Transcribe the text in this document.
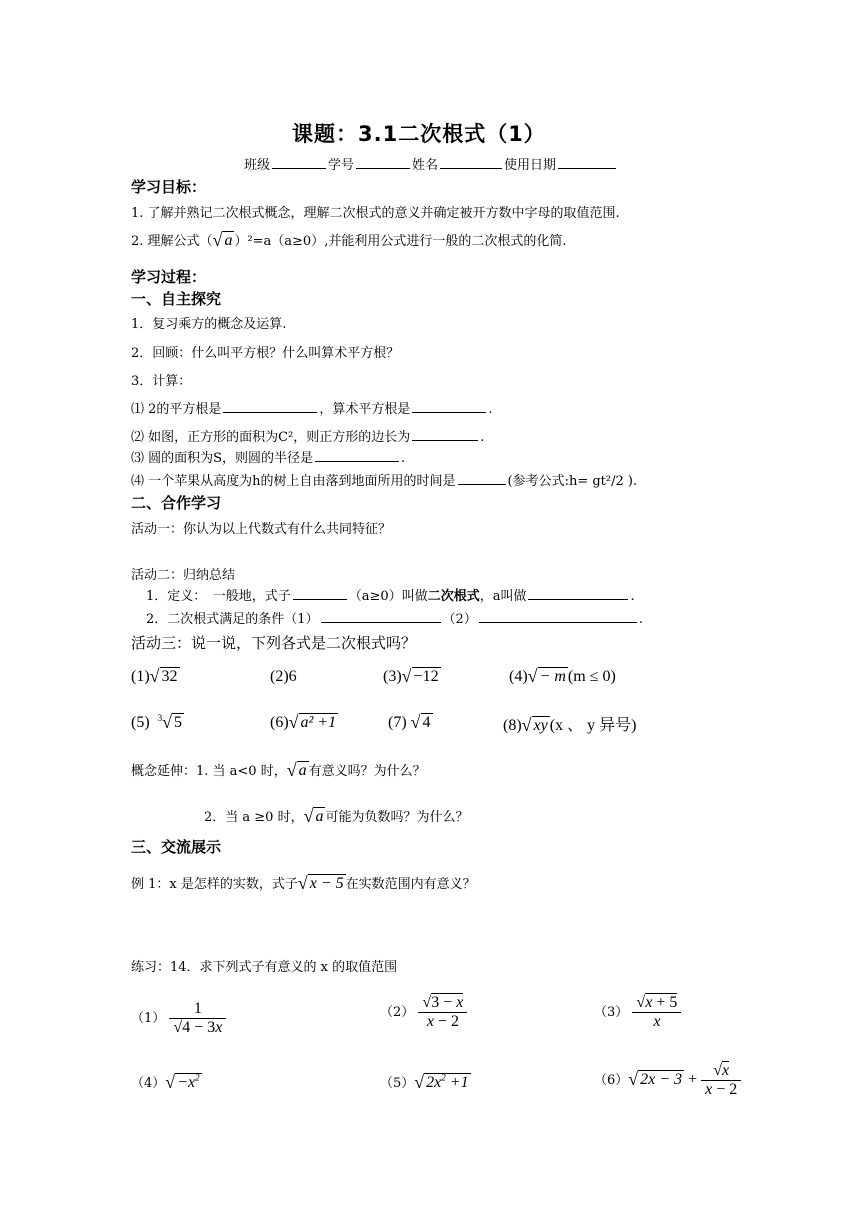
课题：3.1二次根式（1）
班级	学号	姓名	使用日期
学习目标：
1. 了解并熟记二次根式概念，理解二次根式的意义并确定被开方数中字母的取值范围.
2. 理解公式（√ a ）²=a（a≥0）,并能利用公式进行一般的二次根式的化简.
学习过程：
一、自主探究
1．复习乘方的概念及运算.
2．回顾：什么叫平方根？什么叫算术平方根？
3．计算：
⑴ 2的平方根是	，算术平方根是	.
⑵ 如图，正方形的面积为C²，则正方形的边长为	.
⑶ 圆的面积为S，则圆的半径是	.
⑷ 一个苹果从高度为h的树上自由落到地面所用的时间是	(参考公式:h= gt²/2 ).
二、合作学习
活动一：你认为以上代数式有什么共同特征？
活动二：归纳总结
1．定义：　一般地，式子	（a≥0）叫做二次根式，a叫做	.
2．二次根式满足的条件（1）	（2）	.
活动三：说一说，下列各式是二次根式吗？
(1)√ 32	(2)6	(3)√ −12	(4)√ − m (m ≤ 0)
(5) $^3$√ 5	(6)√ a² +1	(7) √ 4	(8)√ xy (x 、 y 异号)
概念延伸：1. 当 a<0 时，√ a 有意义吗？为什么？
2．当 a ≥0 时，√ a 可能为负数吗？为什么？
三、交流展示
例 1：x 是怎样的实数，式子√ x − 5 在实数范围内有意义？
练习：14．求下列式子有意义的 x 的取值范围
$(1) \frac{1}{√4 - 3x}$	$(2) \frac{√3 - x}{x - 2}$	$(3) \frac{√x + 5}{x}$
$(4)√ -x^2$	（5）√ $2x^2 +1$	（6）√ $2x - 3 + \frac{√x}{x - 2}$
